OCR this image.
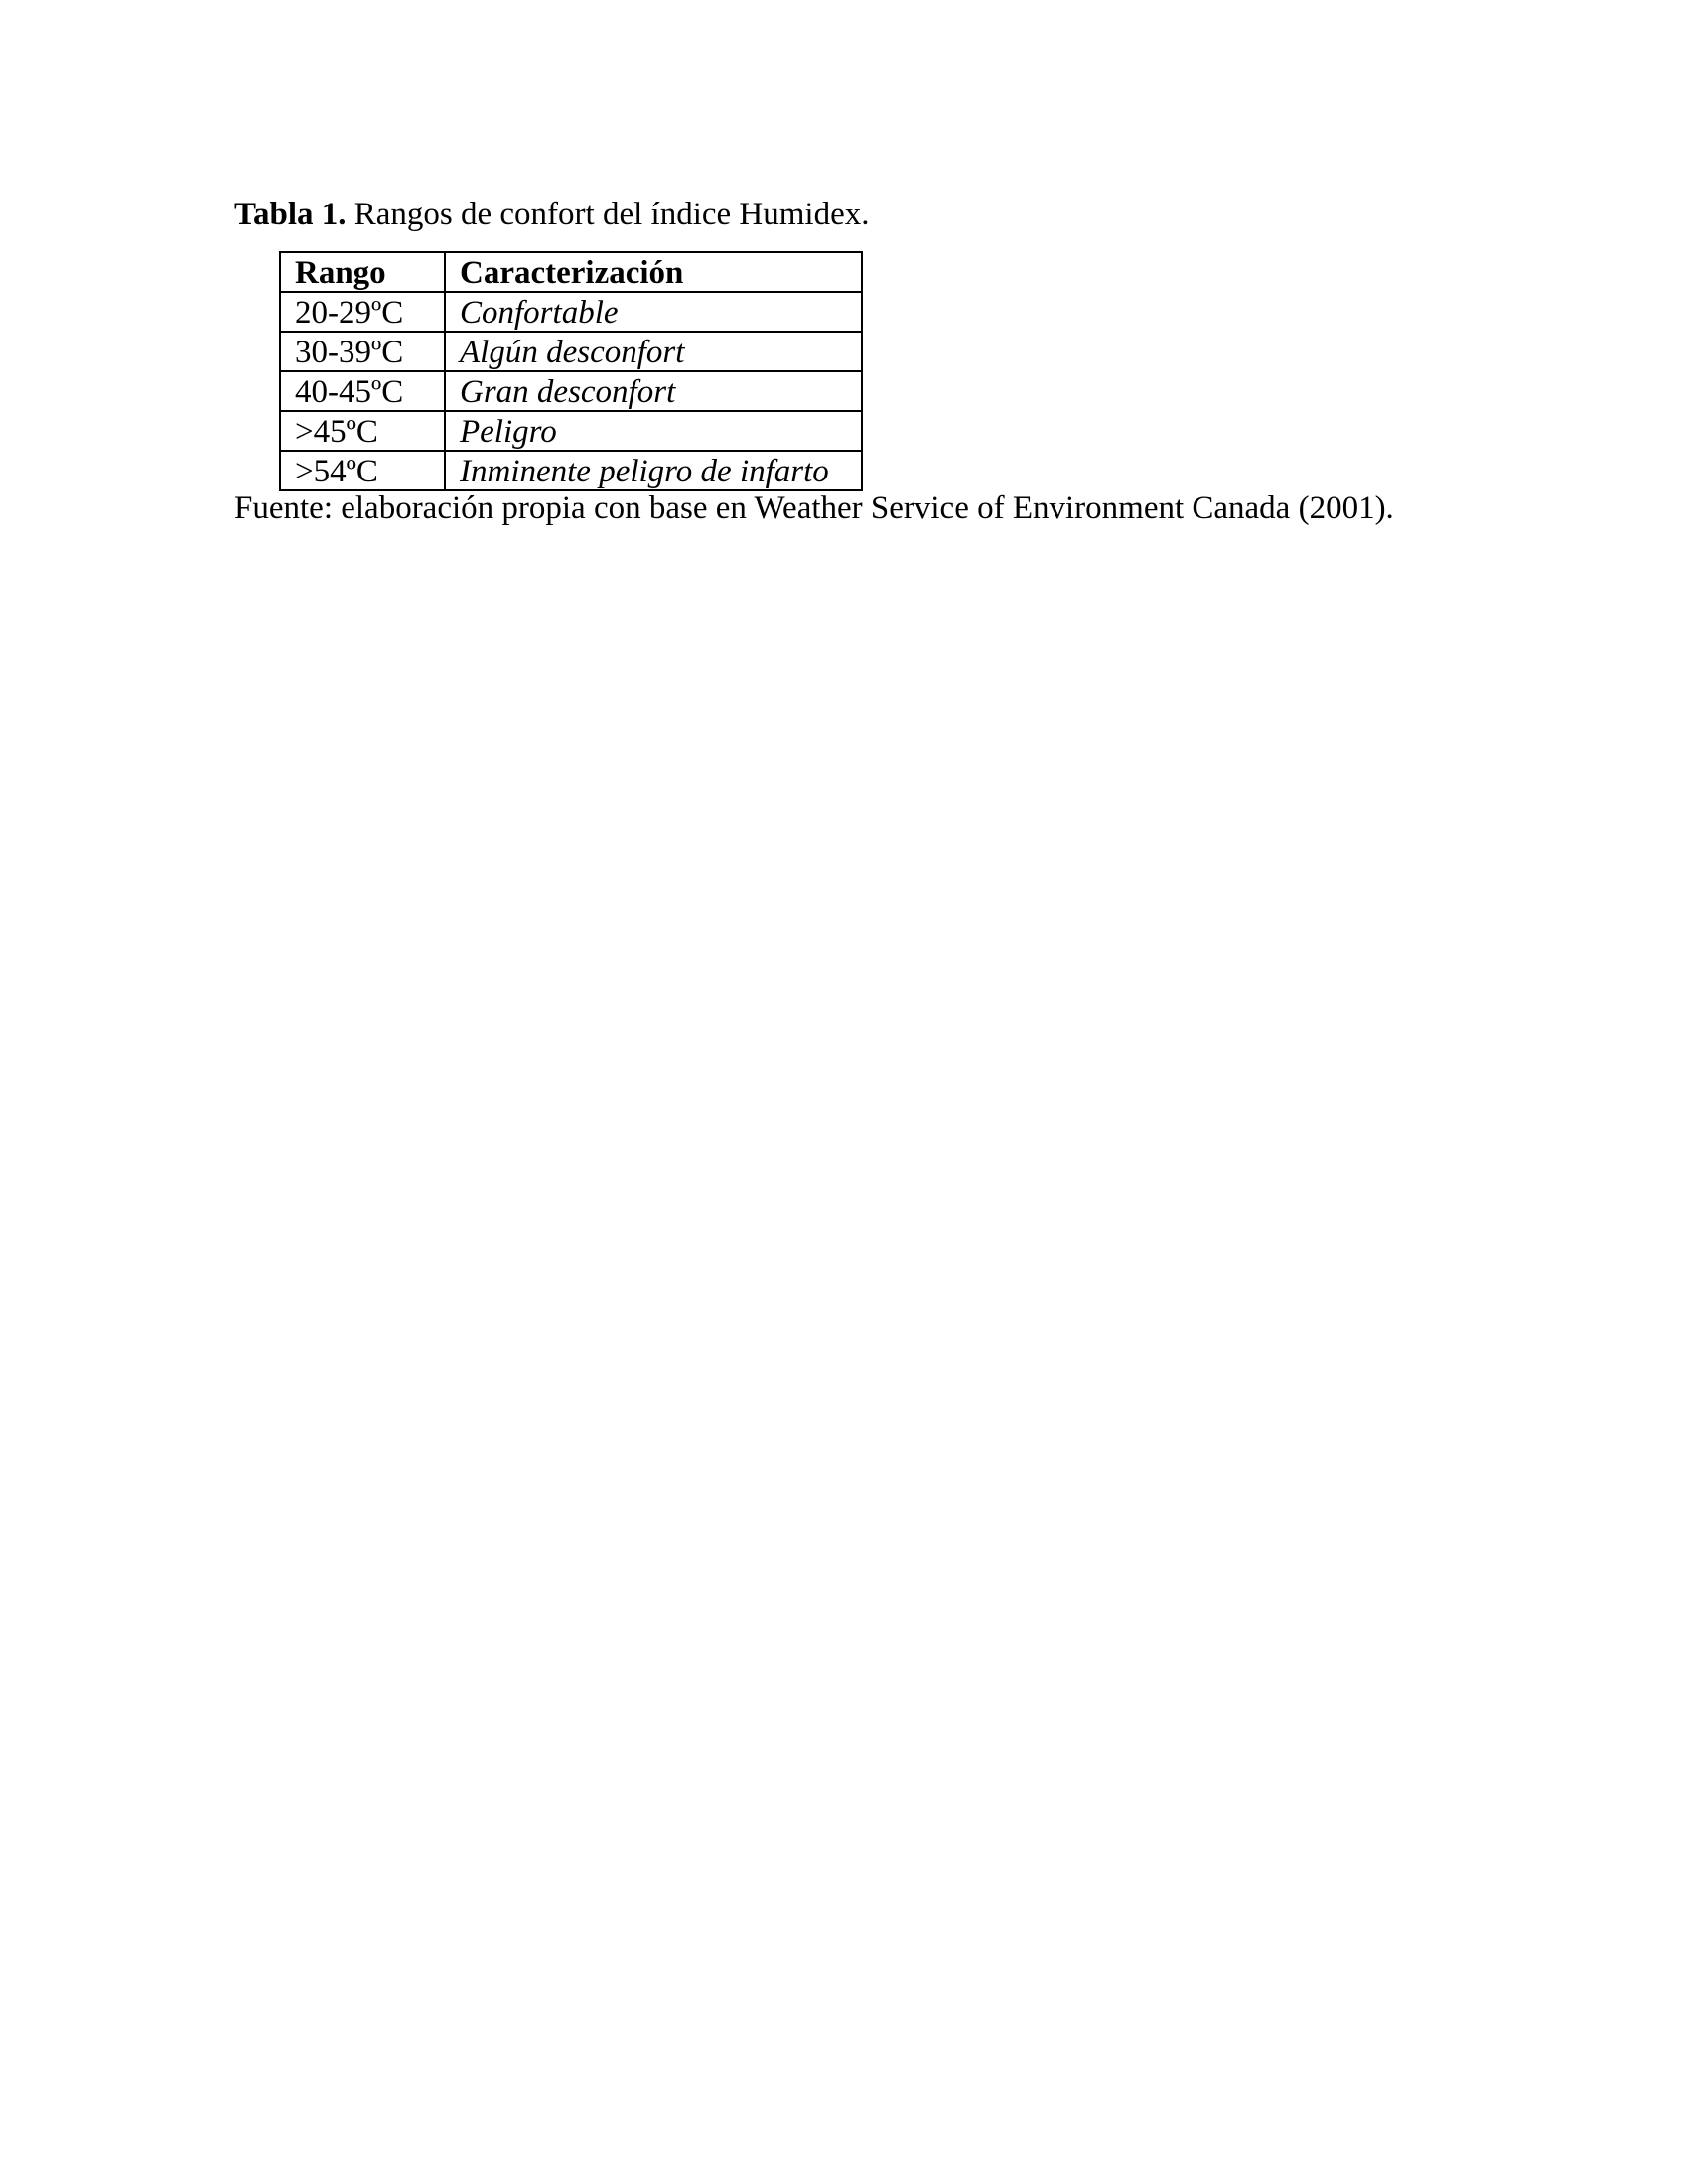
Tabla 1. Rangos de confort del índice Humidex.
Rango	Caracterización
20-29ºC	Confortable
30-39ºC	Algún desconfort
40-45ºC	Gran desconfort
>45ºC	Peligro
>54ºC	Inminente peligro de infarto
Fuente: elaboración propia con base en Weather Service of Environment Canada (2001).
